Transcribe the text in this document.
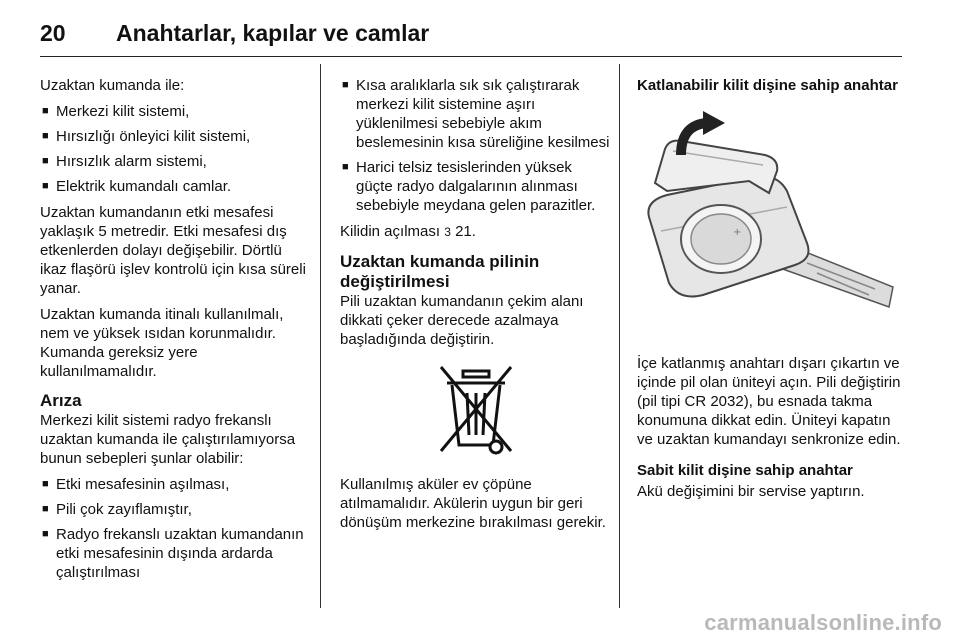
20 Anahtarlar, kapılar ve camlar

Uzaktan kumanda ile:

■ Merkezi kilit sistemi,
■ Hırsızlığı önleyici kilit sistemi,
■ Hırsızlık alarm sistemi,
■ Elektrik kumandalı camlar.

Uzaktan kumandanın etki mesafesi yaklaşık 5 metredir. Etki mesafesi dış etkenlerden dolayı değişebilir. Dörtlü ikaz flaşörü işlev kontrolü için kısa süreli yanar.

Uzaktan kumanda itinalı kullanılmalı, nem ve yüksek ısıdan korunmalıdır. Kumanda gereksiz yere kullanılmamalıdır.

Arıza

Merkezi kilit sistemi radyo frekanslı uzaktan kumanda ile çalıştırılamıyorsa bunun sebepleri şunlar olabilir:

■ Etki mesafesinin aşılması,
■ Pili çok zayıflamıştır,
■ Radyo frekanslı uzaktan kumandanın etki mesafesinin dışında ardarda çalıştırılması
■ Kısa aralıklarla sık sık çalıştırarak merkezi kilit sistemine aşırı yüklenilmesi sebebiyle akım beslemesinin kısa süreliğine kesilmesi
■ Harici telsiz tesislerinden yüksek güçte radyo dalgalarının alınması sebebiyle meydana gelen parazitler.

Kilidin açılması 3 21.

Uzaktan kumanda pilinin değiştirilmesi

Pili uzaktan kumandanın çekim alanı dikkati çeker derecede azalmaya başladığında değiştirin.

Kullanılmış aküler ev çöpüne atılmamalıdır. Akülerin uygun bir geri dönüşüm merkezine bırakılması gerekir.

Katlanabilir kilit dişine sahip anahtar
+

İçe katlanmış anahtarı dışarı çıkartın ve içinde pil olan üniteyi açın. Pili değiştirin (pil tipi CR 2032), bu esnada takma konumuna dikkat edin. Üniteyi kapatın ve uzaktan kumandayı senkronize edin.

Sabit kilit dişine sahip anahtar

Akü değişimini bir servise yaptırın.

carmanualsonline.info
